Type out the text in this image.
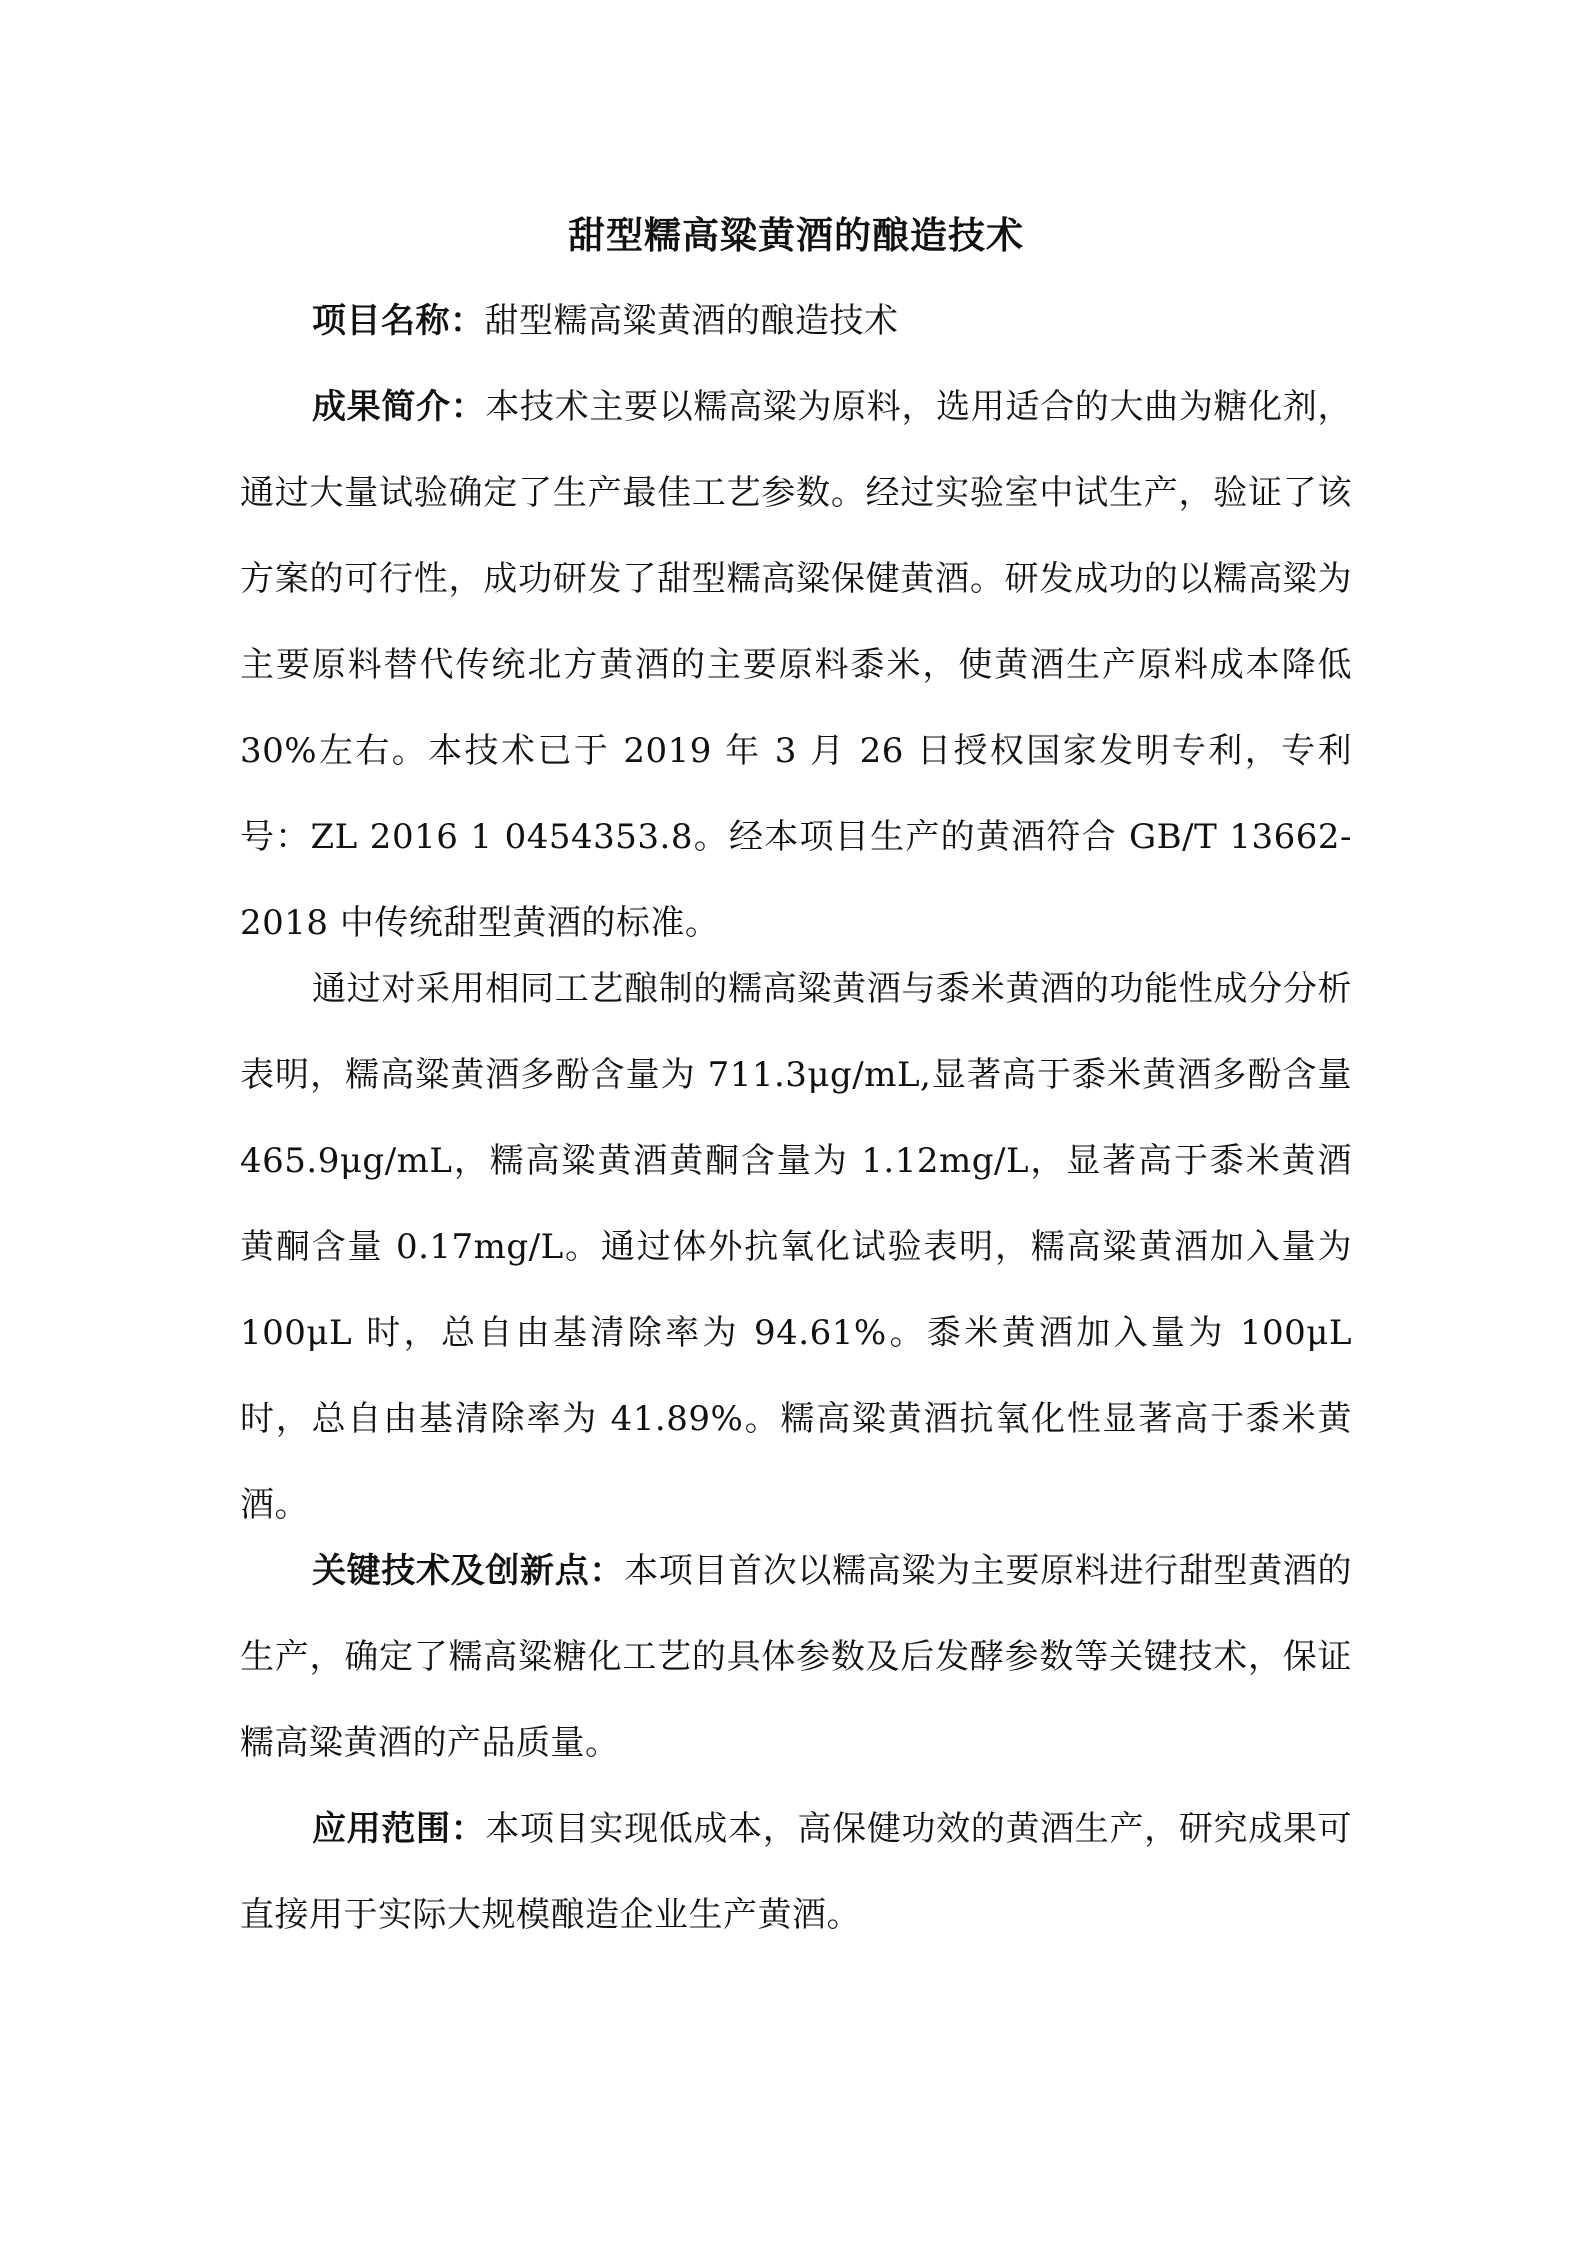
甜型糯高粱黄酒的酿造技术

项目名称：甜型糯高粱黄酒的酿造技术

成果简介：本技术主要以糯高粱为原料，选用适合的大曲为糖化剂，通过大量试验确定了生产最佳工艺参数。经过实验室中试生产，验证了该方案的可行性，成功研发了甜型糯高粱保健黄酒。研发成功的以糯高粱为主要原料替代传统北方黄酒的主要原料黍米，使黄酒生产原料成本降低 30%左右。本技术已于 2019 年 3 月 26 日授权国家发明专利，专利号：ZL 2016 1 0454353.8。经本项目生产的黄酒符合 GB/T 13662-2018 中传统甜型黄酒的标准。

通过对采用相同工艺酿制的糯高粱黄酒与黍米黄酒的功能性成分分析表明，糯高粱黄酒多酚含量为 711.3μg/mL,显著高于黍米黄酒多酚含量 465.9μg/mL，糯高粱黄酒黄酮含量为 1.12mg/L，显著高于黍米黄酒黄酮含量 0.17mg/L。通过体外抗氧化试验表明，糯高粱黄酒加入量为 100μL 时，总自由基清除率为 94.61%。黍米黄酒加入量为 100μL 时，总自由基清除率为 41.89%。糯高粱黄酒抗氧化性显著高于黍米黄酒。

关键技术及创新点：本项目首次以糯高粱为主要原料进行甜型黄酒的生产，确定了糯高粱糖化工艺的具体参数及后发酵参数等关键技术，保证糯高粱黄酒的产品质量。

应用范围：本项目实现低成本，高保健功效的黄酒生产，研究成果可直接用于实际大规模酿造企业生产黄酒。
